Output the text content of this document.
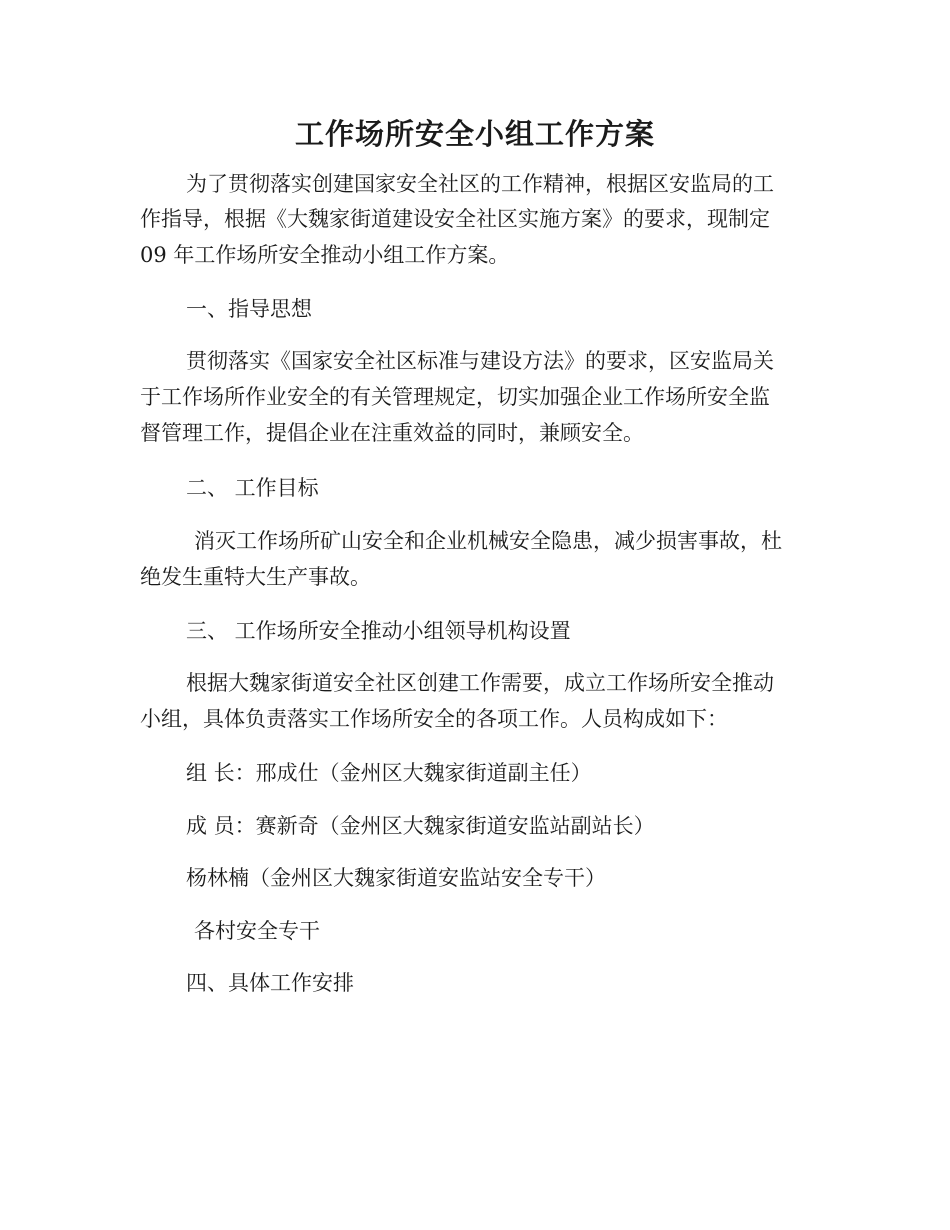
工作场所安全小组工作方案
为了贯彻落实创建国家安全社区的工作精神，根据区安监局的工
作指导，根据《大魏家街道建设安全社区实施方案》的要求，现制定
09 年工作场所安全推动小组工作方案。
一、指导思想
贯彻落实《国家安全社区标准与建设方法》的要求，区安监局关
于工作场所作业安全的有关管理规定，切实加强企业工作场所安全监
督管理工作，提倡企业在注重效益的同时，兼顾安全。
二、 工作目标
消灭工作场所矿山安全和企业机械安全隐患，减少损害事故，杜
绝发生重特大生产事故。
三、 工作场所安全推动小组领导机构设置
根据大魏家街道安全社区创建工作需要，成立工作场所安全推动
小组，具体负责落实工作场所安全的各项工作。人员构成如下：
组 长：邢成仕（金州区大魏家街道副主任）
成 员：赛新奇（金州区大魏家街道安监站副站长）
杨林楠（金州区大魏家街道安监站安全专干）
各村安全专干
四、具体工作安排
